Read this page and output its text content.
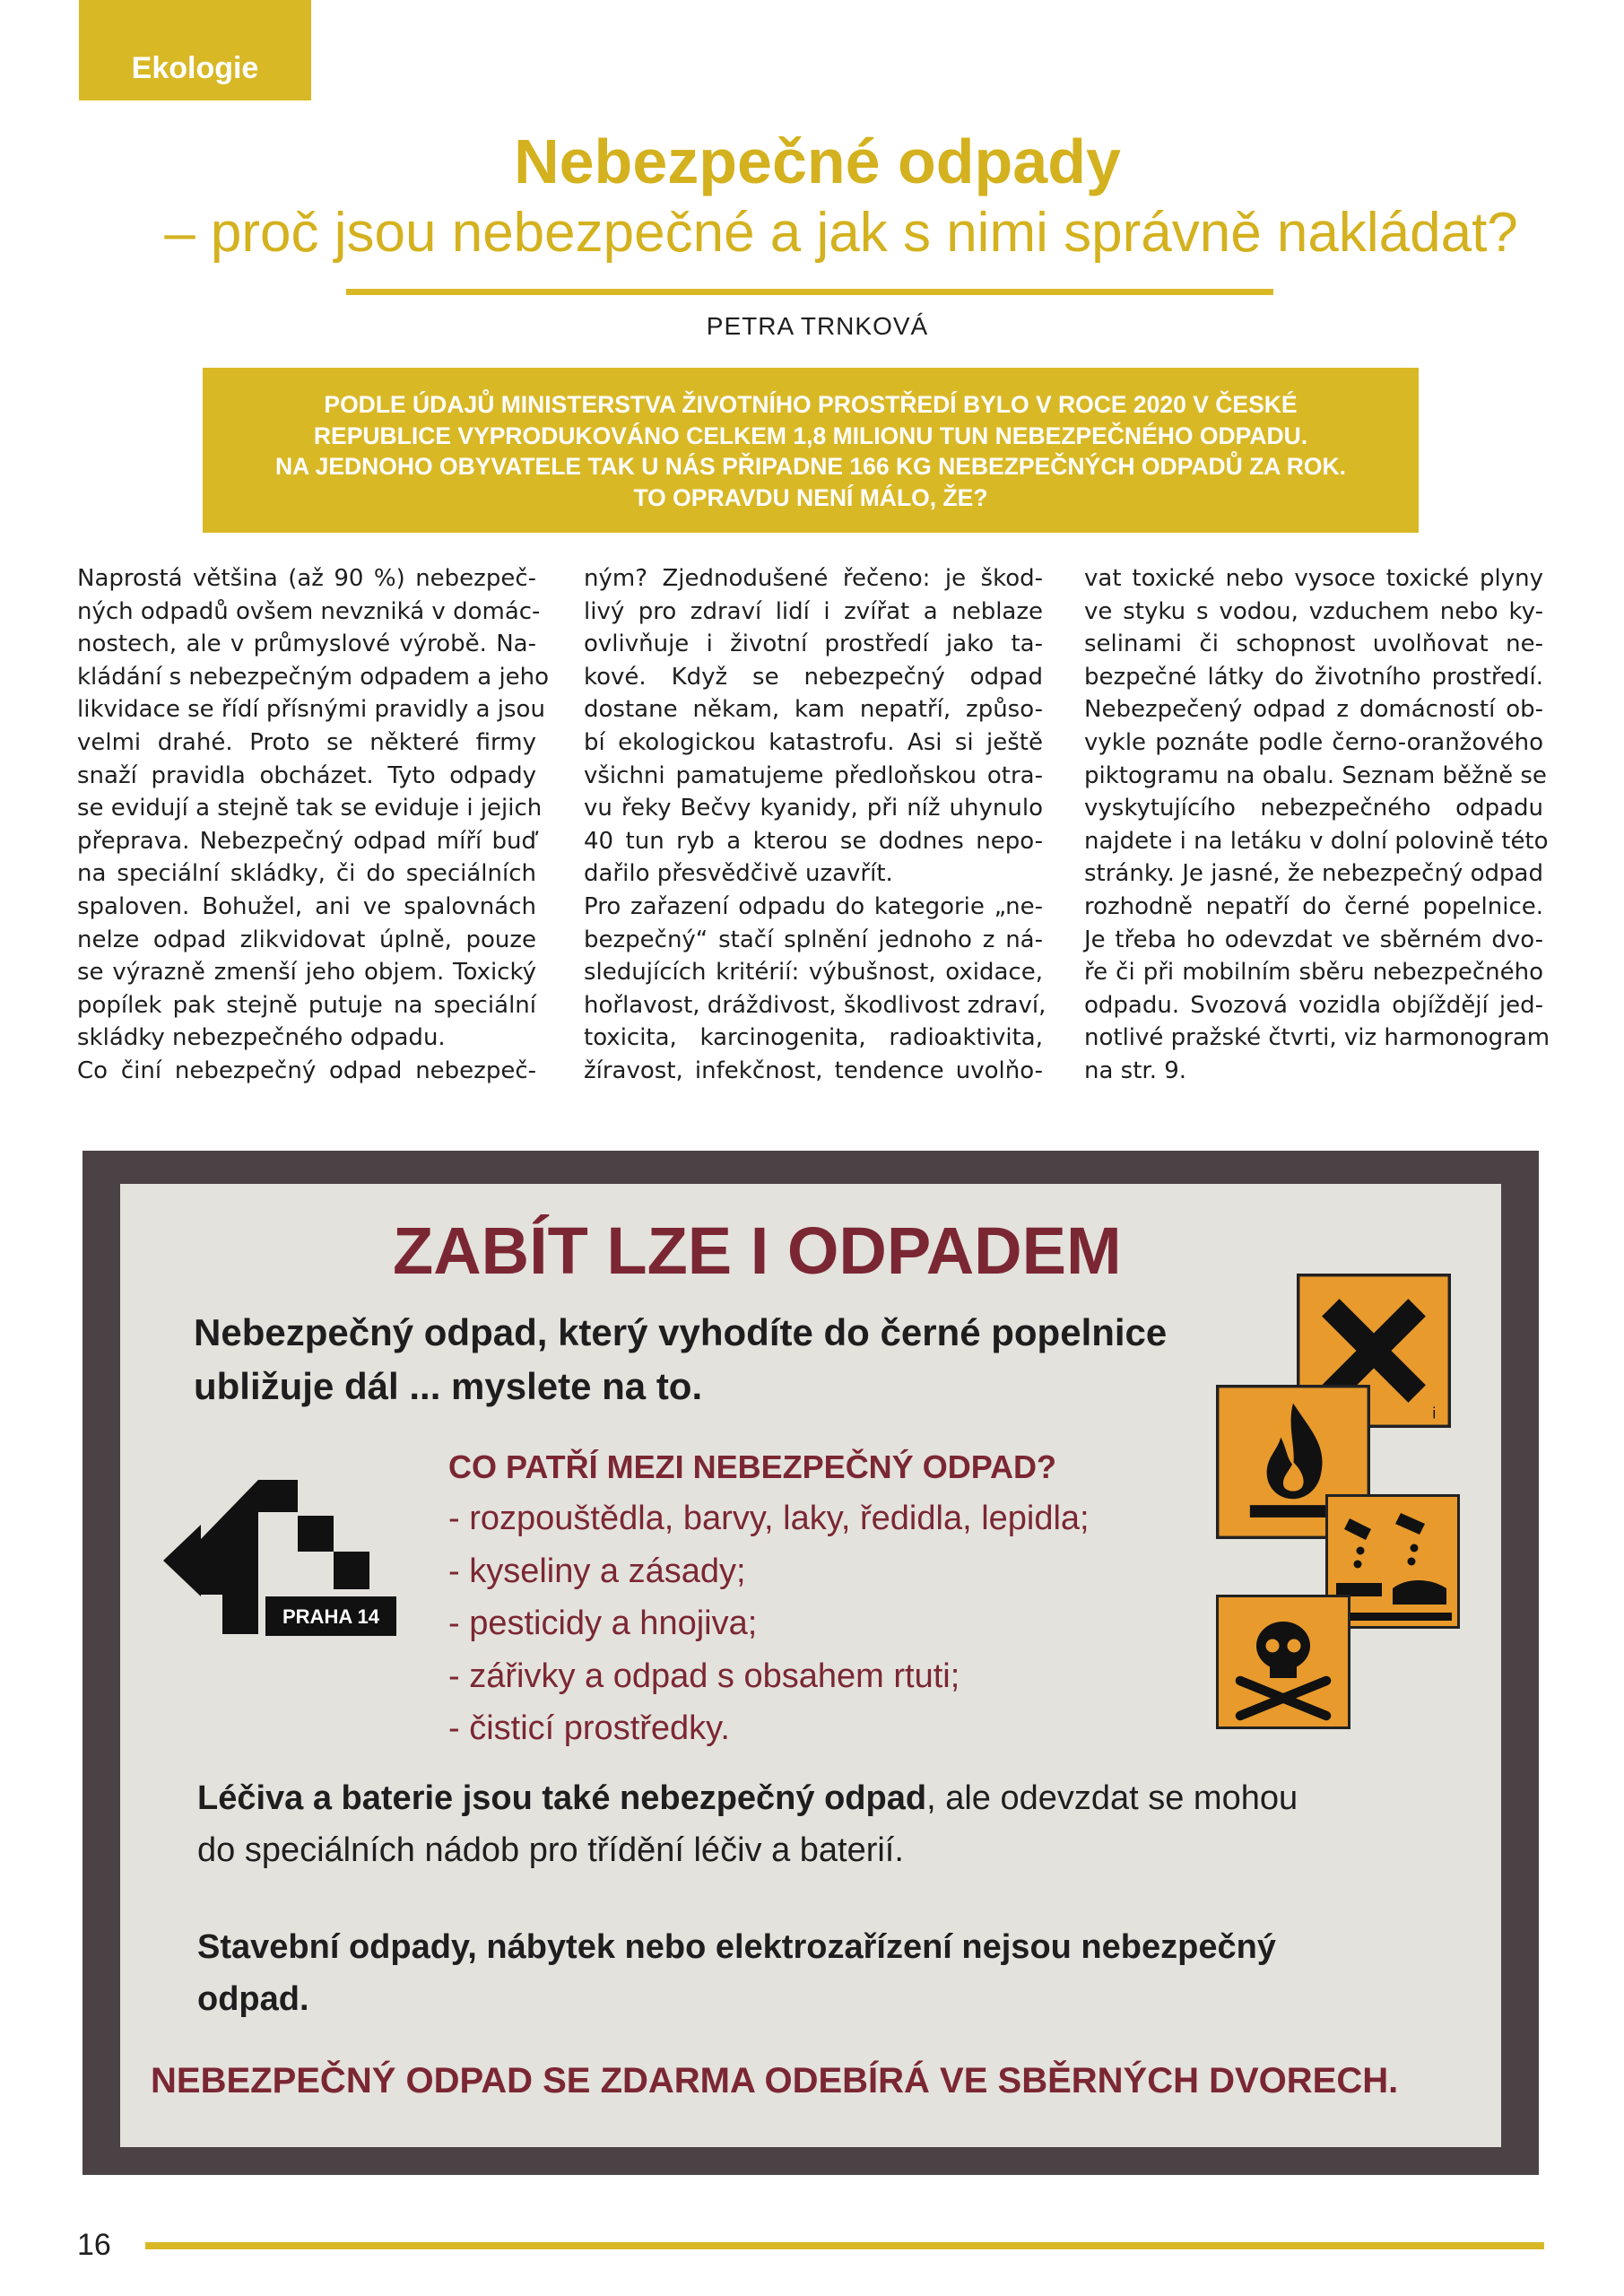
Ekologie
Nebezpečné odpady
– proč jsou nebezpečné a jak s nimi správně nakládat?
PETRA TRNKOVÁ
PODLE ÚDAJŮ MINISTERSTVA ŽIVOTNÍHO PROSTŘEDÍ BYLO V ROCE 2020 V ČESKÉ
REPUBLICE VYPRODUKOVÁNO CELKEM 1,8 MILIONU TUN NEBEZPEČNÉHO ODPADU.
NA JEDNOHO OBYVATELE TAK U NÁS PŘIPADNE 166 KG NEBEZPEČNÝCH ODPADŮ ZA ROK.
TO OPRAVDU NENÍ MÁLO, ŽE?
Naprostá většina (až 90 %) nebezpeč-
ných odpadů ovšem nevzniká v domác-
nostech, ale v průmyslové výrobě. Na-
kládání s nebezpečným odpadem a jeho
likvidace se řídí přísnými pravidly a jsou
velmi drahé. Proto se některé firmy
snaží pravidla obcházet. Tyto odpady
se evidují a stejně tak se eviduje i jejich
přeprava. Nebezpečný odpad míří buď
na speciální skládky, či do speciálních
spaloven. Bohužel, ani ve spalovnách
nelze odpad zlikvidovat úplně, pouze
se výrazně zmenší jeho objem. Toxický
popílek pak stejně putuje na speciální
skládky nebezpečného odpadu.
Co činí nebezpečný odpad nebezpeč-
ným? Zjednodušené řečeno: je škod-
livý pro zdraví lidí i zvířat a neblaze
ovlivňuje i životní prostředí jako ta-
kové. Když se nebezpečný odpad
dostane někam, kam nepatří, způso-
bí ekologickou katastrofu. Asi si ještě
všichni pamatujeme předloňskou otra-
vu řeky Bečvy kyanidy, při níž uhynulo
40 tun ryb a kterou se dodnes nepo-
dařilo přesvědčivě uzavřít.
Pro zařazení odpadu do kategorie „ne-
bezpečný“ stačí splnění jednoho z ná-
sledujících kritérií: výbušnost, oxidace,
hořlavost, dráždivost, škodlivost zdraví,
toxicita, karcinogenita, radioaktivita,
žíravost, infekčnost, tendence uvolňo-
vat toxické nebo vysoce toxické plyny
ve styku s vodou, vzduchem nebo ky-
selinami či schopnost uvolňovat ne-
bezpečné látky do životního prostředí.
Nebezpečený odpad z domácností ob-
vykle poznáte podle černo-oranžového
piktogramu na obalu. Seznam běžně se
vyskytujícího nebezpečného odpadu
najdete i na letáku v dolní polovině této
stránky. Je jasné, že nebezpečný odpad
rozhodně nepatří do černé popelnice.
Je třeba ho odevzdat ve sběrném dvo-
ře či při mobilním sběru nebezpečného
odpadu. Svozová vozidla objíždějí jed-
notlivé pražské čtvrti, viz harmonogram
na str. 9.
ZABÍT LZE I ODPADEM
Nebezpečný odpad, který vyhodíte do černé popelnice
ubližuje dál ... myslete na to.
PRAHA 14
CO PATŘÍ MEZI NEBEZPEČNÝ ODPAD?
- rozpouštědla, barvy, laky, ředidla, lepidla;
- kyseliny a zásady;
- pesticidy a hnojiva;
- zářivky a odpad s obsahem rtuti;
- čisticí prostředky.
i
Léčiva a baterie jsou také nebezpečný odpad, ale odevzdat se mohou
do speciálních nádob pro třídění léčiv a baterií.
Stavební odpady, nábytek nebo elektrozařízení nejsou nebezpečný
odpad.
NEBEZPEČNÝ ODPAD SE ZDARMA ODEBÍRÁ VE SBĚRNÝCH DVORECH.
16
